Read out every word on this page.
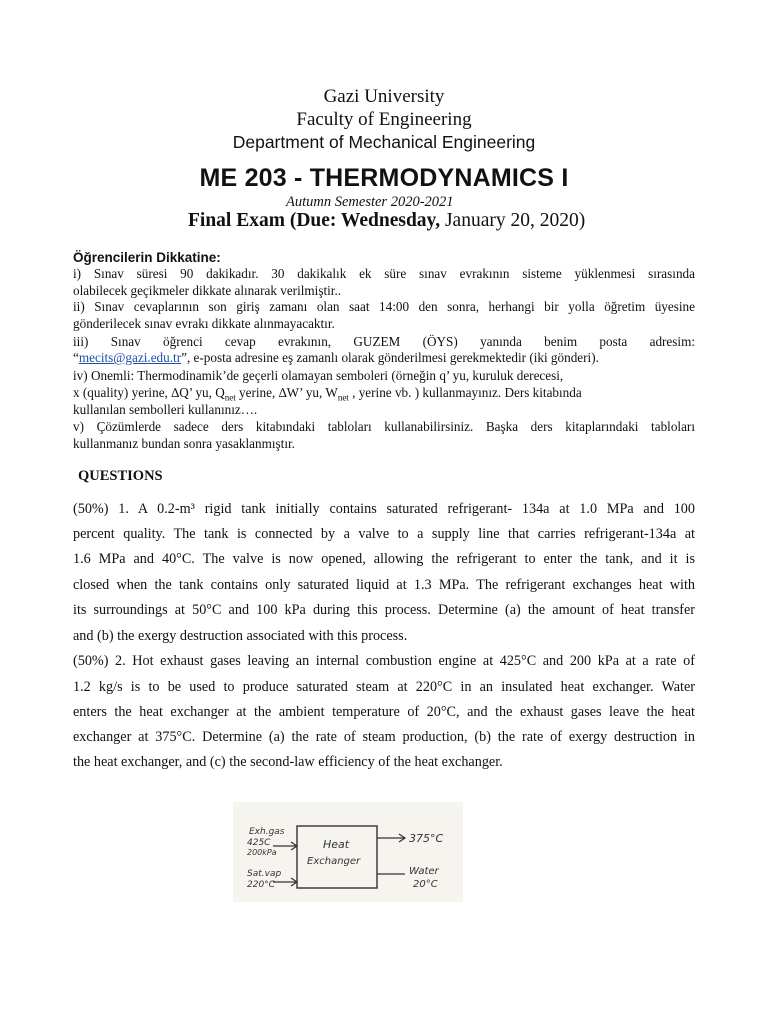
Gazi University
Faculty of Engineering
Department of Mechanical Engineering
ME 203 - THERMODYNAMICS I
Autumn Semester 2020-2021
Final Exam (Due: Wednesday, January 20, 2020)
Öğrencilerin Dikkatine:
i) Sınav süresi 90 dakikadır. 30 dakikalık ek süre sınav evrakının sisteme yüklenmesi sırasında
olabilecek geçikmeler dikkate alınarak verilmiştir..
ii) Sınav cevaplarının son giriş zamanı olan saat 14:00 den sonra, herhangi bir yolla öğretim üyesine
gönderilecek sınav evrakı dikkate alınmayacaktır.
iii) Sınav öğrenci cevap evrakının, GUZEM (ÖYS) yanında benim posta adresim:
“mecits@gazi.edu.tr”, e-posta adresine eş zamanlı olarak gönderilmesi gerekmektedir (iki gönderi).
iv) Onemli: Thermodinamik’de geçerli olamayan semboleri (örneğin q’ yu, kuruluk derecesi,
x (quality) yerine, ∆Q’ yu, $Q_{net}$ yerine, ∆W’ yu, $W_{net}$ , yerine vb. ) kullanmayınız. Ders kitabında
kullanılan sembolleri kullanınız….
v) Çözümlerde sadece ders kitabındaki tabloları kullanabilirsiniz. Başka ders kitaplarındaki tabloları
kullanmanız bundan sonra yasaklanmıştır.
QUESTIONS
(50%) 1. A 0.2-m³ rigid tank initially contains saturated refrigerant- 134a at 1.0 MPa and 100
percent quality. The tank is connected by a valve to a supply line that carries refrigerant-134a at
1.6 MPa and 40°C. The valve is now opened, allowing the refrigerant to enter the tank, and it is
closed when the tank contains only saturated liquid at 1.3 MPa. The refrigerant exchanges heat with
its surroundings at 50°C and 100 kPa during this process. Determine (a) the amount of heat transfer
and (b) the exergy destruction associated with this process.
(50%) 2. Hot exhaust gases leaving an internal combustion engine at 425°C and 200 kPa at a rate of
1.2 kg/s is to be used to produce saturated steam at 220°C in an insulated heat exchanger. Water
enters the heat exchanger at the ambient temperature of 20°C, and the exhaust gases leave the heat
exchanger at 375°C. Determine (a) the rate of steam production, (b) the rate of exergy destruction in
the heat exchanger, and (c) the second-law efficiency of the heat exchanger.
Heat
Exchanger
Exh.gas
425C
200kPa
Sat.vap
220°C
375°C
Water
20°C
